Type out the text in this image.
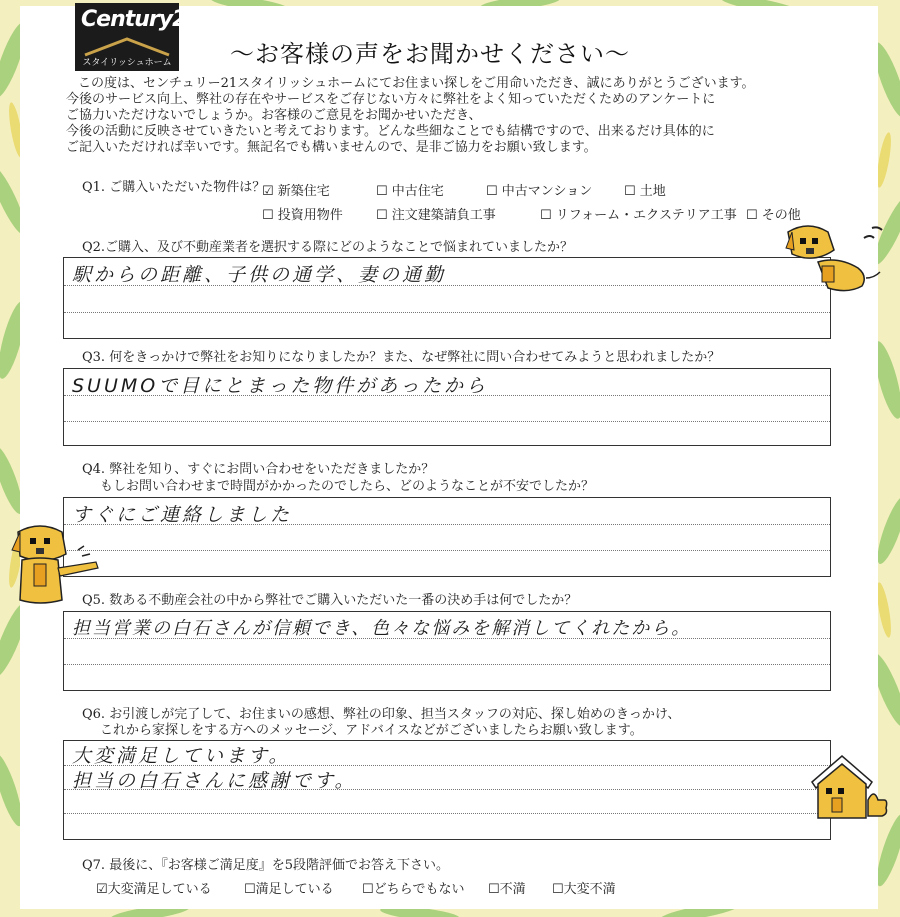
Century21
スタイリッシュホーム	～お客様の声をお聞かせください～
この度は、センチュリー21スタイリッシュホームにてお住まい探しをご用命いただき、誠にありがとうございます。
今後のサービス向上、弊社の存在やサービスをご存じない方々に弊社をよく知っていただくためのアンケートに
ご協力いただけないでしょうか。お客様のご意見をお聞かせいただき、
今後の活動に反映させていきたいと考えております。どんな些細なことでも結構ですので、出来るだけ具体的に
ご記入いただければ幸いです。無記名でも構いませんので、是非ご協力をお願い致します。
Q1. ご購入いただいた物件は？
☑ 新築住宅	☐ 中古住宅	☐ 中古マンション ☐ 土地
☐ 投資用物件	☐ 注文建築請負工事	☐ リフォーム・エクステリア工事 ☐ その他
Q2.ご購入、及び不動産業者を選択する際にどのようなことで悩まれていましたか？
駅からの距離、子供の通学、妻の通勤
Q3. 何をきっかけで弊社をお知りになりましたか？また、なぜ弊社に問い合わせてみようと思われましたか？
SUUMOで目にとまった物件があったから
Q4. 弊社を知り、すぐにお問い合わせをいただきましたか？
もしお問い合わせまで時間がかかったのでしたら、どのようなことが不安でしたか？
すぐにご連絡しました
Q5. 数ある不動産会社の中から弊社でご購入いただいた一番の決め手は何でしたか？
担当営業の白石さんが信頼でき、色々な悩みを解消してくれたから。
Q6. お引渡しが完了して、お住まいの感想、弊社の印象、担当スタッフの対応、探し始めのきっかけ、
これから家探しをする方へのメッセージ、アドバイスなどがございましたらお願い致します。
大変満足しています。
担当の白石さんに感謝です。
Q7. 最後に、『お客様ご満足度』を5段階評価でお答え下さい。
☑大変満足している ☐満足している ☐どちらでもない ☐不満 ☐大変不満
